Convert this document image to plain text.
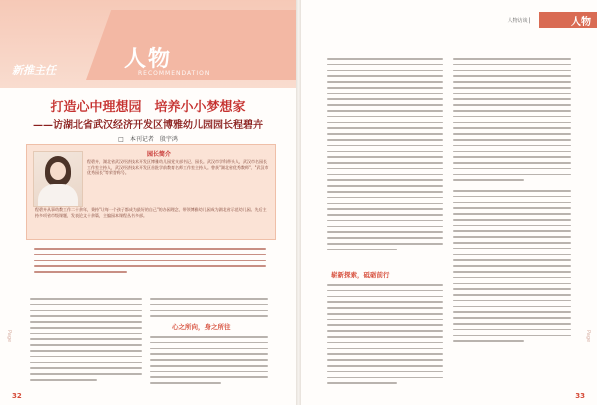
新推主任	人物
RECOMMENDATION
打造心中理想园　培养小小梦想家
——访湖北省武汉经济开发区博雅幼儿园园长程碧卉
□　本刊记者　殷宇鸿
园长简介
程碧卉，湖北省武汉经济技术开发区博雅幼儿园党支部书记、园长。武汉市学科带头人，武汉市名园长工作室主持人，武汉经济技术开发区首批学前教育名师工作室主持人。曾获"湖北省优秀教师"、"武汉市优秀园长"等荣誉称号。
程碧卉从事幼教工作二十余年，秉持"让每一个孩子都成为最好的自己"的办园理念，带领博雅幼儿园成为湖北省示范幼儿园。先后主持多项省市级课题，发表论文十余篇，主编园本课程丛书多部。
心之所向，身之所往
Page
32
人物访谈 ▏	人物
崭新探索，砥砺前行
Page
33
